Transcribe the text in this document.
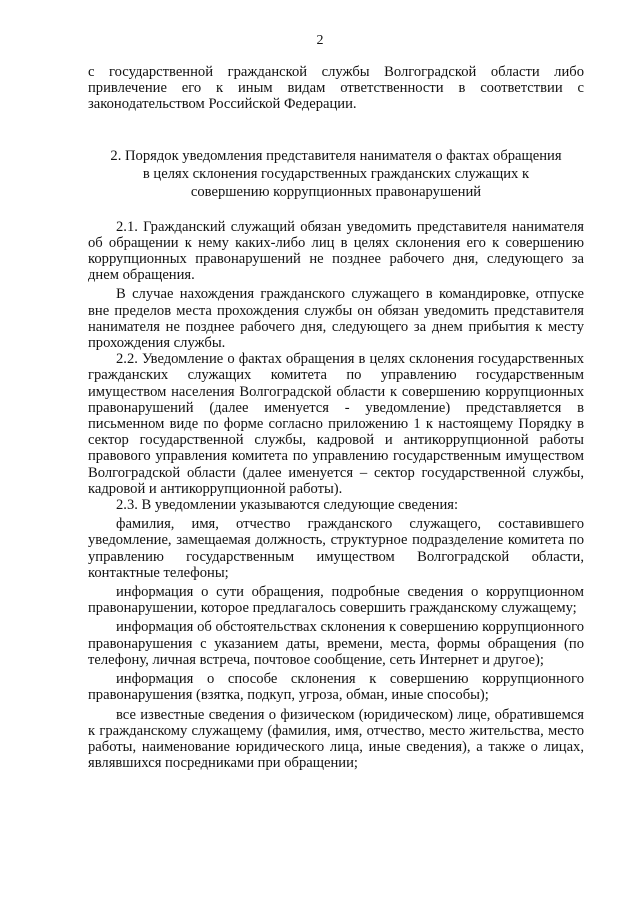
2

с государственной гражданской службы Волгоградской области либо привлечение его к иным видам ответственности в соответствии с законодательством Российской Федерации.

2. Порядок уведомления представителя нанимателя о фактах обращения в целях склонения государственных гражданских служащих к совершению коррупционных правонарушений

2.1. Гражданский служащий обязан уведомить представителя нанимателя об обращении к нему каких-либо лиц в целях склонения его к совершению коррупционных правонарушений не позднее рабочего дня, следующего за днем обращения.

В случае нахождения гражданского служащего в командировке, отпуске вне пределов места прохождения службы он обязан уведомить представителя нанимателя не позднее рабочего дня, следующего за днем прибытия к месту прохождения службы.

2.2. Уведомление о фактах обращения в целях склонения государственных гражданских служащих комитета по управлению государственным имуществом населения Волгоградской области к совершению коррупционных правонарушений (далее именуется - уведомление) представляется в письменном виде по форме согласно приложению 1 к настоящему Порядку в сектор государственной службы, кадровой и антикоррупционной работы правового управления комитета по управлению государственным имуществом Волгоградской области (далее именуется – сектор государственной службы, кадровой и антикоррупционной работы).

2.3. В уведомлении указываются следующие сведения:

фамилия, имя, отчество гражданского служащего, составившего уведомление, замещаемая должность, структурное подразделение комитета по управлению государственным имуществом Волгоградской области, контактные телефоны;

информация о сути обращения, подробные сведения о коррупционном правонарушении, которое предлагалось совершить гражданскому служащему;

информация об обстоятельствах склонения к совершению коррупционного правонарушения с указанием даты, времени, места, формы обращения (по телефону, личная встреча, почтовое сообщение, сеть Интернет и другое);

информация о способе склонения к совершению коррупционного правонарушения (взятка, подкуп, угроза, обман, иные способы);

все известные сведения о физическом (юридическом) лице, обратившемся к гражданскому служащему (фамилия, имя, отчество, место жительства, место работы, наименование юридического лица, иные сведения), а также о лицах, являвшихся посредниками при обращении;
